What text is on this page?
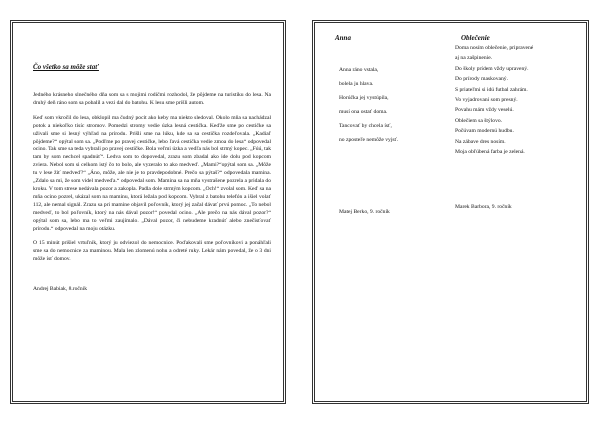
Čo všetko sa môže stať

Jedného krásneho slnečného dňa som sa s mojimi rodičmi rozhodol, že pôjdeme na turistiku do lesa. Na druhý deň ráno som sa pobalil a vezi dal do batohu. K lesu sme prišli autom.

Keď som vkročil do lesa, obklopil ma čudný pocit ako keby ma niekto sledoval. Okolo mňa sa nachádzal potok a niekoľko tisíc stromov. Pomedzi stromy vedie úzka lesná cestička. Keďže sme po cestičke sa uživali sme si lesný výhľad na prírodu. Prišli sme na lúku, kde sa sa cestička rozdeľovala. „Kadiaľ pôjdeme?“ opýtal som sa. „Podľme po pravej cestičke, lebo ľavá cestička vedie zmoa do lesa“ odpovedal ocino. Tak sme sa teda vybrali po pravej cestičke. Bola veľmi úzka a vedľa nás bol strmý kopec. „Fúú, tak tam by som nechcel spadnúť“. Ledva som to dopovedal, zrazu som zbadal ako ide dolu pod kopcom zviera. Nebol som si celkom istý čo to bolo, ale vyzeralo to ako medveď. „Mami?“opýtal som sa. „Môže tu v lese žiť medveď?“ „Áno, môže, ale nie je to pravdepodobné. Prečo sa pýtaš?“ odpovedala mamina. „Zdalo sa mi, že som videl medveďa.“ odpovedal som. Mamina sa na mňa vystrašene pozrela a pridala do kroku. V tom strese nedávala pozor a zakopla. Padla dole strmým kopcom. „Och!“ zvolal som. Keď sa na mňa ocino pozrel, ukázal som na maminu, ktorá ležala pod kopcom. Vybral z batohu telefón a išiel volať 112, ale nemal signál. Zrazu sa pri mamine objavil poľovník, ktorý jej začal dávať prvú pomoc. „To nebol medveď, to bol poľovník, ktorý na nás dával pozor!“ povedal ocino. „Ale prečo na nás dával pozor?“ opýtal som sa, lebo ma to veľmi zaujímalo. „Dával pozor, či nebudeme kradnúť alebo znečisťovať prírodu.“ odpovedal na moju otázku.

O 15 minút prišiel vrtuľník, ktorý ju odviezol do nemocnice. Poďakovali sme poľovníkovi a ponáhľali sme sa do nemocnice za maminou. Mala len zlomenú nohu a odreté ruky. Lekár nám povedal, že o 3 dni môže ísť domov.

Andrej Babiak, 8.ročník

Anna

Anna ráno vstala,

bolela ju hlava.

Horúčka jej vystúpila,

musí ona ostať doma.

Tancovať by chcela ísť,

no zposteľe nemôže vyjsť.

Matej Berko, 9. ročník

Oblečenie

Doma nosím oblečenie, pripravené

aj na zašpinenie.

Do školy prídem vždy upravený.

Do prírody maskovaný.

S priateľmi si idú futbal zahrám.

Vo vyjadrovaní som presný.

Povahu mám vždy veselú.

Oblečiem sa štýlovo.

Počúvam modernú hudbu.

Na zábave dres nosím.

Moja obľúbená farba je zelená.

Marek Barbora, 9. ročník
